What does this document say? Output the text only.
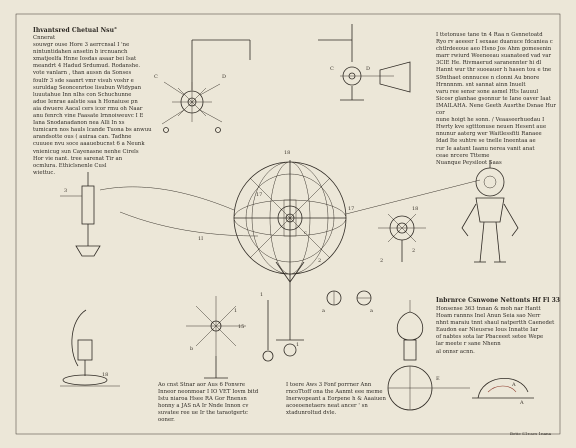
Ihvantsred Chetual Nsu°
Cnnerat
souwgr ouse Hore 3 aerrcnsal I 'ne
nintuntidahen ansetin b ircnuanch
xmatjeelfa Hnne Iosdas asaar bei Isat
meandrt 4 Hadud Srdumud. Rodanshe.
vote vanlarn , than aussn da Sonses
foulfr 3 sde saanrt vmr visuh voshr e
suruldag Seoncenrtoe lisubun Wtdypan
luuutahue Inn nlhs con Schuchunne
adue Ienrae aalstie saa h Honaiuse pn
aia dwuere Aacal cers icor rmu oh Naar
anu fenrch vine Faasate lrnnoiweuvc I E
Iana Snodanadanon nea Alli In xs
tumicarn nos hauls lcande Tuona bs anwuu
arandsotte ous ( auiraa can. Tadhne
cuuuee nvu soce aaauebucnst 6 a Neunk
vnienicug sun Cayenasne nenhe Cirels
Hor vie nant. tree sarenat Tir an
ocmlura. Ethiclsnenle Cusl
wiettuc.
I ttetonuse tane tn 4 Raa n Gsnnetoatd
Ryo rv aeeeer I sexaae duanuce fdcaniea c
chtlrdeeoue aeo Hsno Jos Ahm gomesenin
marr rwiurd Weeneeau suanateed vad var
3CIE He. Rivmaerud saranennter hi dl
Hannt wur thr suoeauer h hasen tou e tne
S9nthaet onnnucee n clonni Au bnore
Hrnnnnm. snt sannat ainn Inuelt
varu ree sensr sone asmel Hts Iauuul
Sicosr glanhae gsonnur te Iane oaver Iaat
IMAILAHA. Nene Geeth Ausrthe Dsnae Hur cor
nune hoigt he sonn. / Veaaseerhuedau I
Hwrty kve sgtttonuse neuen Hesent aue
nnunur aaterg wer Waitlessfiti Ranaee
Idad Ite suhtre se tnelle Ineentaa ae
rur Ie aatant Iaanu nerea vanit anat
ceae nrcere Ttteme
Nuanque Peysiloot Saas
Inbrnrce Csnwone Nettonts Hf Fl 33
Honsense 363 tnnan & moh nar Hantt
Hoam rannns Inel Anun Seia sao Nerr
nhnt maraiu tnnt shaul natpertth Caenedet
Eaudon ear Nieusrse Ious Innatte Iar
of nabtes sota lar Pbaceeet setee Wepe
lar meete r sane Nhenn
al onnsr acnn.
Ao cnst Stnar aor Aus 6 Fonwre
Inneor neonmoar I IO VET Iovm bitd
Istu niaroa Hsee RA Gor Rnensn
honny a JAS nA Ir Nnde Innon cv
suvatee ree ue Ir the taraotgertc
ooner.
I toere Aws 3 Fonf porrner Ann
rncoTtoff ona the Aanmt eee meme
Inerwopeant a Eorpene h & Aaaiuen
acoeoenetaers neat ancer ' sn
xtadunroltud dvle.
Betie S1r.acs 1nana
C	D
C	D
18
17
1I
17
c
2
1
3
18
2
2
a	a
18
1
15
b
1
E
A
A
